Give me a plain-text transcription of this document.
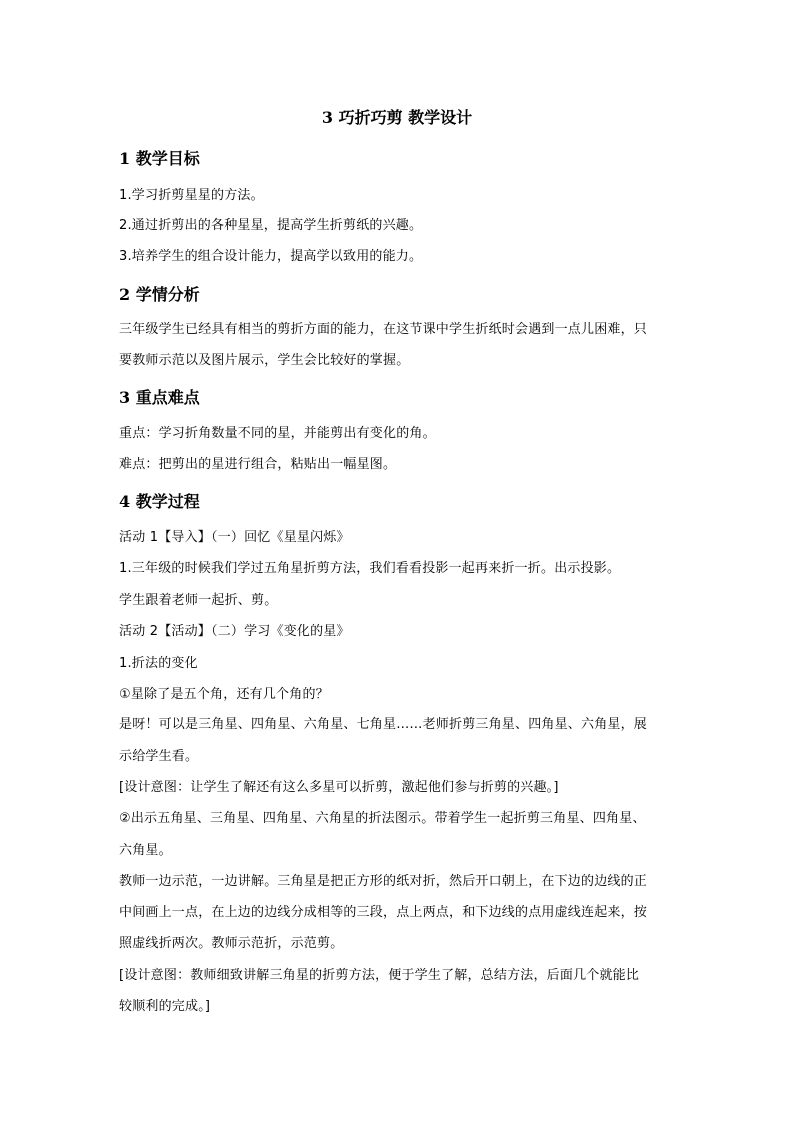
3 巧折巧剪 教学设计
1 教学目标
1.学习折剪星星的方法。
2.通过折剪出的各种星星，提高学生折剪纸的兴趣。
3.培养学生的组合设计能力，提高学以致用的能力。
2 学情分析
三年级学生已经具有相当的剪折方面的能力，在这节课中学生折纸时会遇到一点儿困难，只
要教师示范以及图片展示，学生会比较好的掌握。
3 重点难点
重点：学习折角数量不同的星，并能剪出有变化的角。
难点：把剪出的星进行组合，粘贴出一幅星图。
4 教学过程
活动 1【导入】（一）回忆《星星闪烁》
1.三年级的时候我们学过五角星折剪方法，我们看看投影一起再来折一折。出示投影。
学生跟着老师一起折、剪。
活动 2【活动】（二）学习《变化的星》
1.折法的变化
①星除了是五个角，还有几个角的？
是呀！可以是三角星、四角星、六角星、七角星……老师折剪三角星、四角星、六角星，展
示给学生看。
[设计意图：让学生了解还有这么多星可以折剪，激起他们参与折剪的兴趣。]
②出示五角星、三角星、四角星、六角星的折法图示。带着学生一起折剪三角星、四角星、
六角星。
教师一边示范，一边讲解。三角星是把正方形的纸对折，然后开口朝上，在下边的边线的正
中间画上一点，在上边的边线分成相等的三段，点上两点，和下边线的点用虚线连起来，按
照虚线折两次。教师示范折，示范剪。
[设计意图：教师细致讲解三角星的折剪方法，便于学生了解，总结方法，后面几个就能比
较顺利的完成。]
